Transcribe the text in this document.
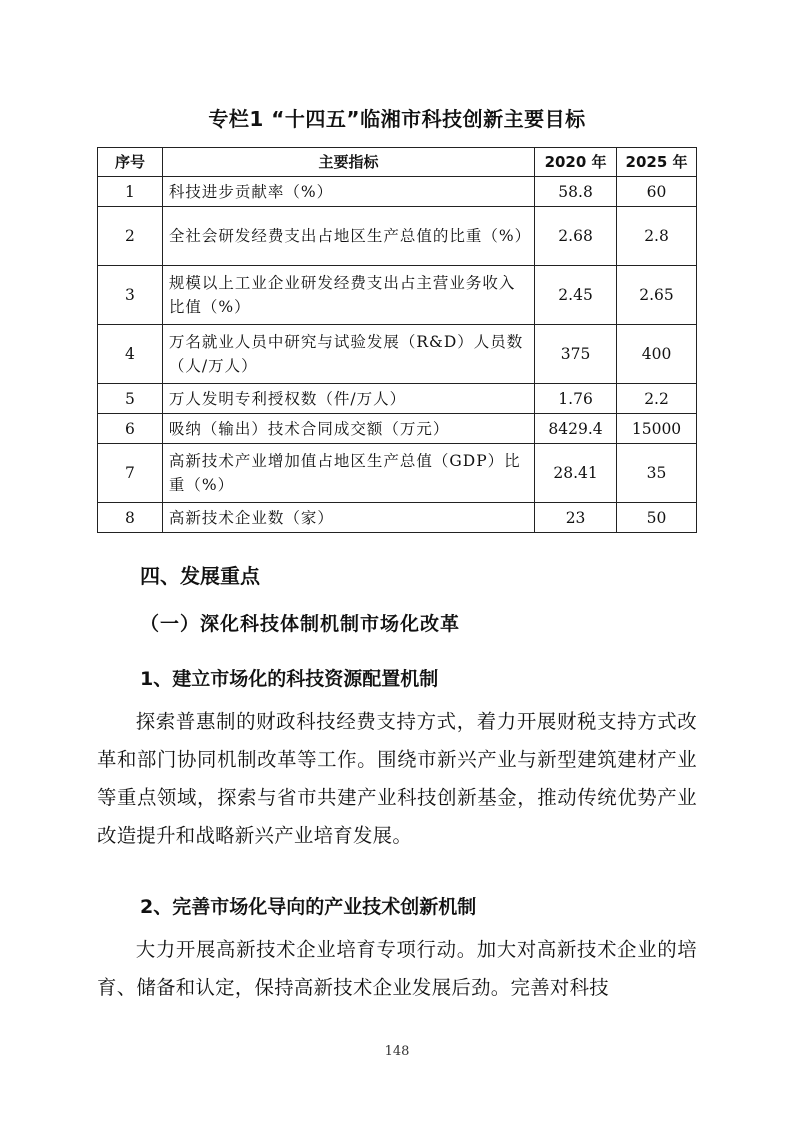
专栏1 “十四五”临湘市科技创新主要目标
序号	主要指标	2020 年	2025 年
1	科技进步贡献率（%）	58.8	60
2	全社会研发经费支出占地区生产总值的比重（%）	2.68	2.8
3	规模以上工业企业研发经费支出占主营业务收入比值（%）	2.45	2.65
4	万名就业人员中研究与试验发展（R&D）人员数（人/万人）	375	400
5	万人发明专利授权数（件/万人）	1.76	2.2
6	吸纳（输出）技术合同成交额（万元）	8429.4	15000
7	高新技术产业增加值占地区生产总值（GDP）比重（%）	28.41	35
8	高新技术企业数（家）	23	50
四、发展重点
（一）深化科技体制机制市场化改革
1、建立市场化的科技资源配置机制
探索普惠制的财政科技经费支持方式，着力开展财税支持方式改革和部门协同机制改革等工作。围绕市新兴产业与新型建筑建材产业等重点领域，探索与省市共建产业科技创新基金，推动传统优势产业改造提升和战略新兴产业培育发展。
2、完善市场化导向的产业技术创新机制
大力开展高新技术企业培育专项行动。加大对高新技术企业的培育、储备和认定，保持高新技术企业发展后劲。完善对科技
148
